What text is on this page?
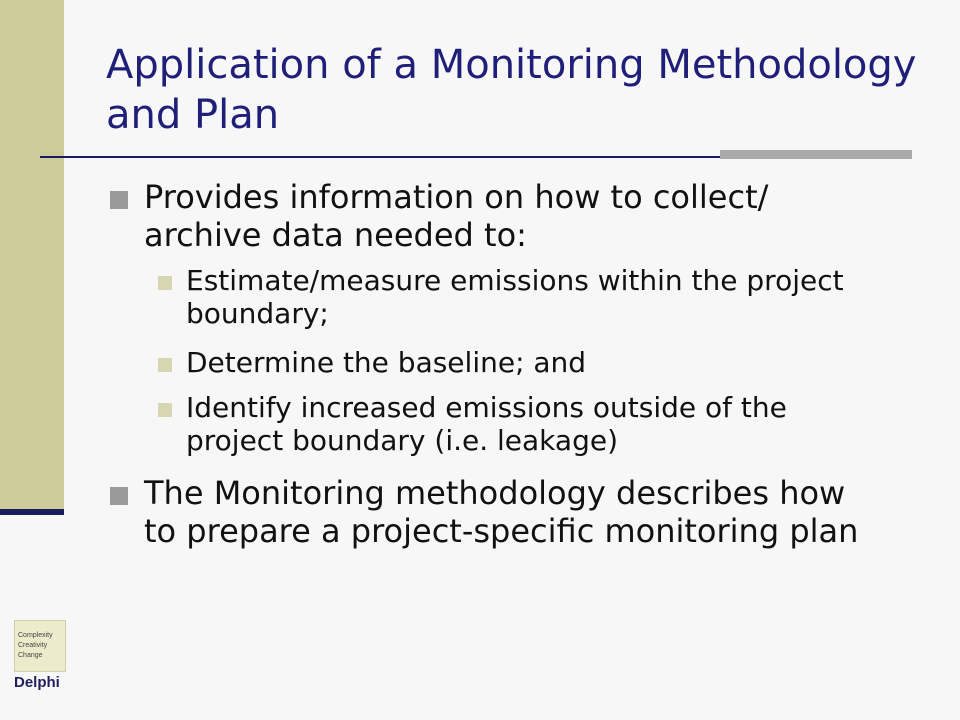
Application of a Monitoring Methodology and Plan
Provides information on how to collect/ archive data needed to:
Estimate/measure emissions within the project boundary;
Determine the baseline; and
Identify increased emissions outside of the project boundary (i.e. leakage)
The Monitoring methodology describes how to prepare a project-specific monitoring plan
Complexity
Creativity
Change
Delphi
